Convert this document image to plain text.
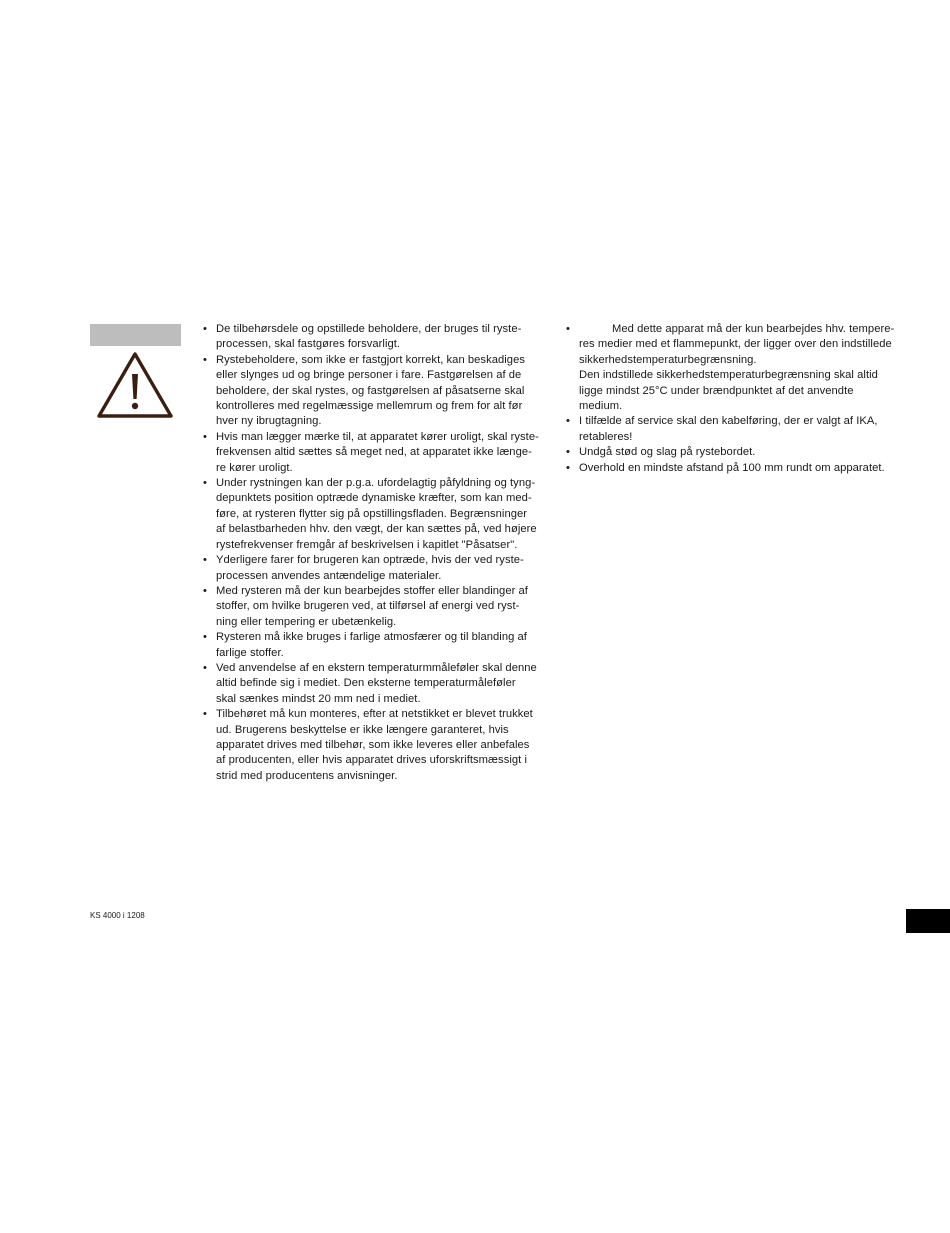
• De tilbehørsdele og opstillede beholdere, der bruges til ryste-
processen, skal fastgøres forsvarligt.
• Rystebeholdere, som ikke er fastgjort korrekt, kan beskadiges
eller slynges ud og bringe personer i fare. Fastgørelsen af de
beholdere, der skal rystes, og fastgørelsen af påsatserne skal
kontrolleres med regelmæssige mellemrum og frem for alt før
hver ny ibrugtagning.
• Hvis man lægger mærke til, at apparatet kører uroligt, skal ryste-
frekvensen altid sættes så meget ned, at apparatet ikke længe-
re kører uroligt.
• Under rystningen kan der p.g.a. ufordelagtig påfyldning og tyng-
depunktets position optræde dynamiske kræfter, som kan med-
føre, at rysteren flytter sig på opstillingsfladen. Begrænsninger
af belastbarheden hhv. den vægt, der kan sættes på, ved højere
rystefrekvenser fremgår af beskrivelsen i kapitlet "Påsatser".
• Yderligere farer for brugeren kan optræde, hvis der ved ryste-
processen anvendes antændelige materialer.
• Med rysteren må der kun bearbejdes stoffer eller blandinger af
stoffer, om hvilke brugeren ved, at tilførsel af energi ved ryst-
ning eller tempering er ubetænkelig.
• Rysteren må ikke bruges i farlige atmosfærer og til blanding af
farlige stoffer.
• Ved anvendelse af en ekstern temperaturmmåleføler skal denne
altid befinde sig i mediet. Den eksterne temperaturmåleføler
skal sænkes mindst 20 mm ned i mediet.
• Tilbehøret må kun monteres, efter at netstikket er blevet trukket
ud. Brugerens beskyttelse er ikke længere garanteret, hvis
apparatet drives med tilbehør, som ikke leveres eller anbefales
af producenten, eller hvis apparatet drives uforskriftsmæssigt i
strid med producentens anvisninger.
•	Med dette apparat må der kun bearbejdes hhv. tempere-
res medier med et flammepunkt, der ligger over den indstillede
sikkerhedstemperaturbegrænsning.
Den indstillede sikkerhedstemperaturbegrænsning skal altid
ligge mindst 25°C under brændpunktet af det anvendte
medium.
• I tilfælde af service skal den kabelføring, der er valgt af IKA,
retableres!
• Undgå stød og slag på rystebordet.
• Overhold en mindste afstand på 100 mm rundt om apparatet.
KS 4000 i 1208
